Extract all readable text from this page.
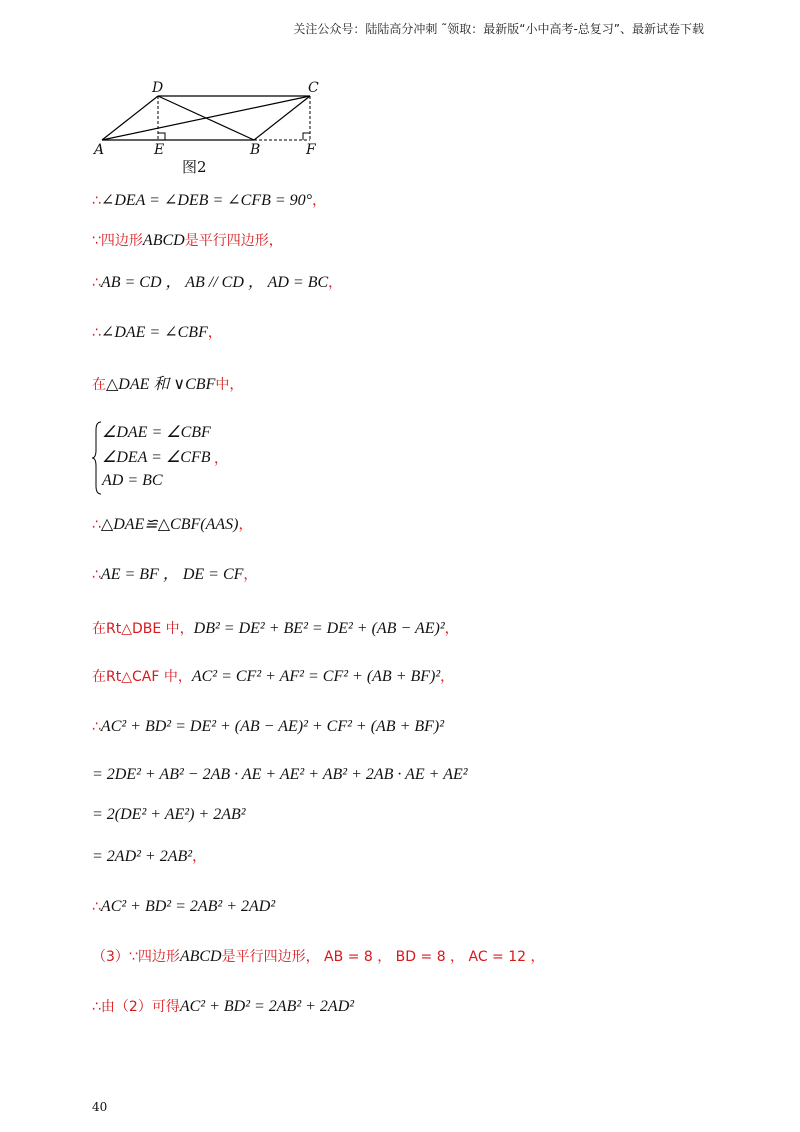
关注公众号：陆陆高分冲刺 ˜领取：最新版“小中高考-总复习”、最新试卷下载
A	E	B	F
D	C
图2
∴∠DEA = ∠DEB = ∠CFB = 90°，
∵四边形ABCD是平行四边形，
∴AB = CD ， AB // CD ， AD = BC，
∴∠DAE = ∠CBF，
在△DAE 和 ∨CBF中，
∠DAE = ∠CBF
∠DEA = ∠CFB
AD = BC
，
∴△DAE≌△CBF(AAS)，
∴AE = BF ， DE = CF，
在Rt△DBE 中，DB² = DE² + BE² = DE² + (AB − AE)²，
在Rt△CAF 中，AC² = CF² + AF² = CF² + (AB + BF)²，
∴AC² + BD² = DE² + (AB − AE)² + CF² + (AB + BF)²
= 2DE² + AB² − 2AB · AE + AE² + AB² + 2AB · AE + AE²
= 2(DE² + AE²) + 2AB²
= 2AD² + 2AB²，
∴AC² + BD² = 2AB² + 2AD²
（3）∵四边形ABCD是平行四边形， AB = 8 ， BD = 8 ， AC = 12 ，
∴由（2）可得AC² + BD² = 2AB² + 2AD²
40
